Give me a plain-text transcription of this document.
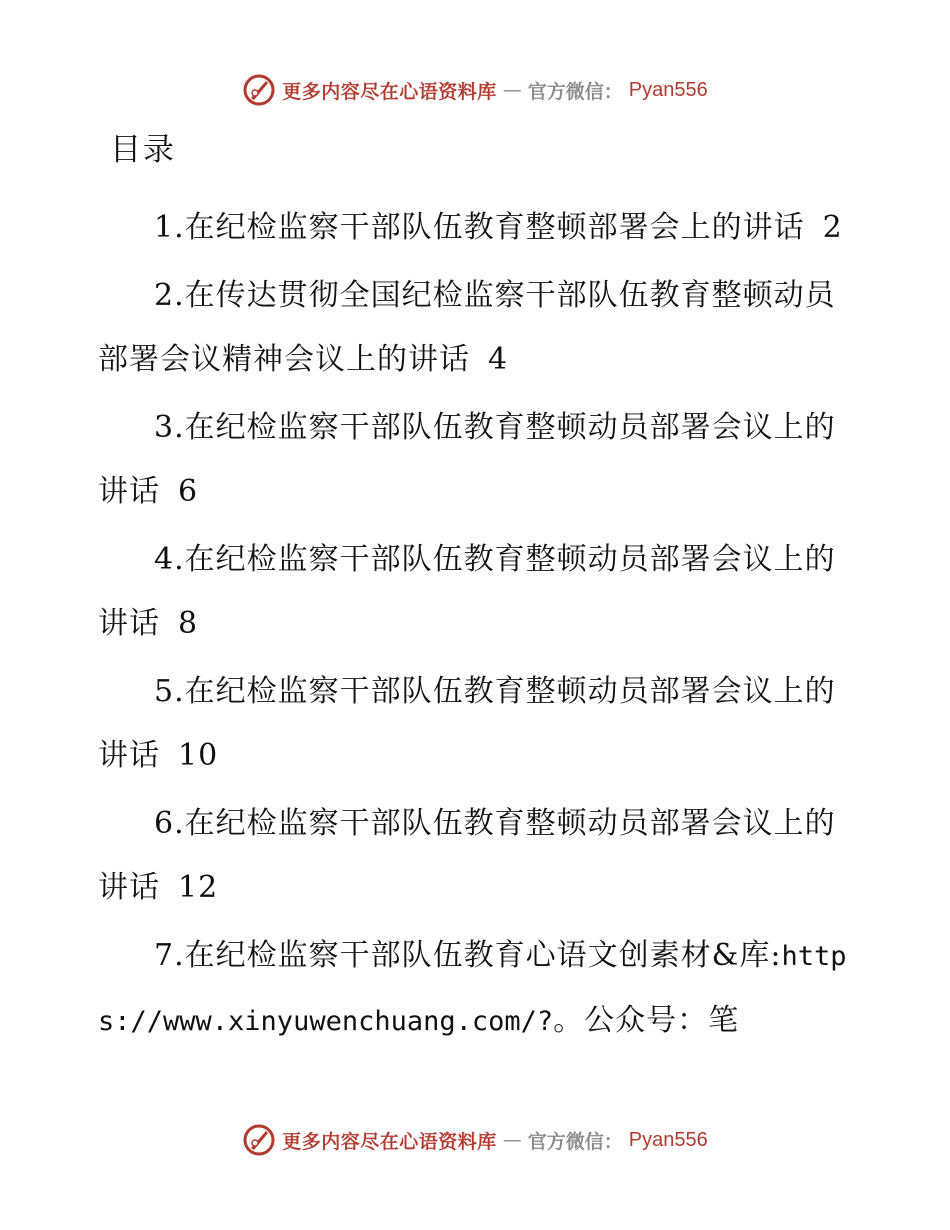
更多内容尽在心语资料库 — 官方微信： Pyan556
目录
1.在纪检监察干部队伍教育整顿部署会上的讲话 2
2.在传达贯彻全国纪检监察干部队伍教育整顿动员部署会议精神会议上的讲话 4
3.在纪检监察干部队伍教育整顿动员部署会议上的讲话 6
4.在纪检监察干部队伍教育整顿动员部署会议上的讲话 8
5.在纪检监察干部队伍教育整顿动员部署会议上的讲话 10
6.在纪检监察干部队伍教育整顿动员部署会议上的讲话 12
7.在纪检监察干部队伍教育心语文创素材&库:https://www.xinyuwenchuang.com/?。公众号：笔
更多内容尽在心语资料库 — 官方微信： Pyan556
